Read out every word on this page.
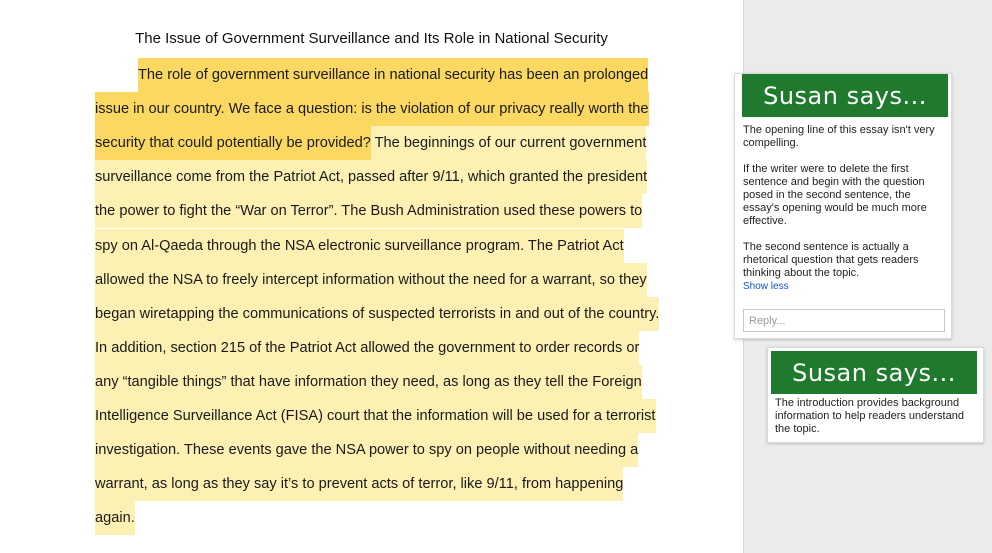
The Issue of Government Surveillance and Its Role in National Security
The role of government surveillance in national security has been an prolonged
issue in our country. We face a question: is the violation of our privacy really worth the
security that could potentially be provided? The beginnings of our current government
surveillance come from the Patriot Act, passed after 9/11, which granted the president
the power to fight the “War on Terror”. The Bush Administration used these powers to
spy on Al-Qaeda through the NSA electronic surveillance program. The Patriot Act
allowed the NSA to freely intercept information without the need for a warrant, so they
began wiretapping the communications of suspected terrorists in and out of the country.
In addition, section 215 of the Patriot Act allowed the government to order records or
any “tangible things” that have information they need, as long as they tell the Foreign
Intelligence Surveillance Act (FISA) court that the information will be used for a terrorist
investigation. These events gave the NSA power to spy on people without needing a
warrant, as long as they say it’s to prevent acts of terror, like 9/11, from happening
again.
Susan says...

The opening line of this essay isn't very compelling.

If the writer were to delete the first sentence and begin with the question posed in the second sentence, the essay's opening would be much more effective.

The second sentence is actually a rhetorical question that gets readers thinking about the topic.

Show less
Reply...
Susan says...

The introduction provides background information to help readers understand the topic.
